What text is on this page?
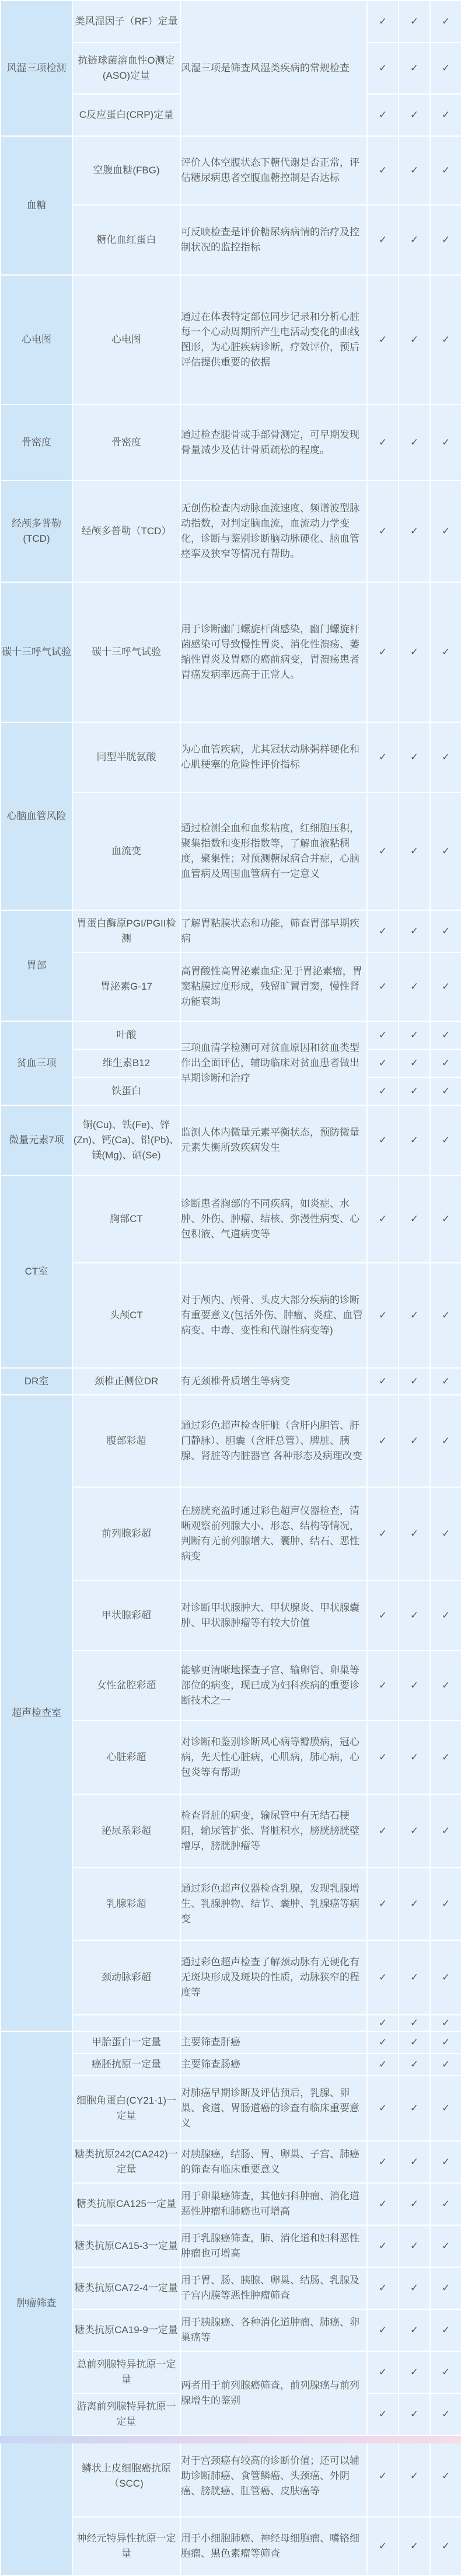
风湿三项检测	类风湿因子（RF）定量	风湿三项是筛查风湿类疾病的常规检查	✓	✓	✓
	抗链球菌溶血性O测定(ASO)定量		✓	✓	✓
	C反应蛋白(CRP)定量		✓	✓	✓
血糖	空腹血糖(FBG)	评价人体空腹状态下糖代谢是否正常，评估糖尿病患者空腹血糖控制是否达标	✓	✓	✓
	糖化血红蛋白	可反映检查是评价糖尿病病情的治疗及控制状况的监控指标	✓	✓	✓
心电图	心电图	通过在体表特定部位同步记录和分析心脏每一个心动周期所产生电活动变化的曲线图形，为心脏疾病诊断，疗效评价，预后评估提供重要的依据	✓	✓	✓
骨密度	骨密度	通过检查腿骨或手部骨测定，可早期发现骨量减少及估计骨质疏松的程度。	✓	✓	✓
经颅多普勒(TCD)	经颅多普勒（TCD）	无创伤检查内动脉血流速度、频谱波型脉动指数，对判定脑血流，血流动力学变化，诊断与鉴别诊断脑动脉硬化、脑血管痉挛及狭窄等情况有帮助。	✓	✓	✓
碳十三呼气试验	碳十三呼气试验	用于诊断幽门螺旋杆菌感染，幽门螺旋杆菌感染可导致慢性胃炎、消化性溃疡、萎缩性胃炎及胃癌的癌前病变，胃溃疡患者胃癌发病率远高于正常人。	✓	✓	✓
心脑血管风险	同型半胱氨酸	为心血管疾病，尤其冠状动脉粥样硬化和心肌梗塞的危险性评价指标	✓	✓	✓
	血流变	通过检测全血和血浆粘度，红细胞压积，聚集指数和变形指数等，了解血液粘稠度，聚集性；对预测糖尿病合并症，心脑血管病及周围血管病有一定意义	✓	✓	✓
胃部	胃蛋白酶原PGI/PGII检测	了解胃粘膜状态和功能，筛查胃部早期疾病	✓	✓	✓
	胃泌素G-17	高胃酸性高胃泌素血症:见于胃泌素瘤，胃窦粘膜过度形成，残留旷置胃窦，慢性肾功能衰竭	✓	✓	✓
贫血三项	叶酸	三项血清学检测可对贫血原因和贫血类型作出全面评估，辅助临床对贫血患者做出早期诊断和治疗	✓	✓	✓
	维生素B12		✓	✓	✓
	铁蛋白		✓	✓	✓
微量元素7项	铜(Cu)、铁(Fe)、锌(Zn)、钙(Ca)、铅(Pb)、镁(Mg)、硒(Se)	监测人体内微量元素平衡状态，预防微量元素失衡所致疾病发生	✓	✓	✓
CT室	胸部CT	诊断患者胸部的不同疾病，如炎症、水肿、外伤、肿瘤、结核、弥漫性病变、心包积液、气道病变等	✓	✓	✓
	头颅CT	对于颅内、颅骨、头皮大部分疾病的诊断有重要意义(包括外伤、肿瘤、炎症、血管病变、中毒、变性和代谢性病变等)	✓	✓	✓
DR室	颈椎正侧位DR	有无颈椎骨质增生等病变	✓	✓	✓
超声检查室	腹部彩超	通过彩色超声检查肝脏（含肝内胆管、肝门静脉）、胆囊（含肝总管）、脾脏、胰腺、肾脏等内脏器官 各种形态及病理改变	✓	✓	✓
	前列腺彩超	在膀胱充盈时通过彩色超声仪器检查，清晰观察前列腺大小、形态、结构等情况，判断有无前列腺增大、囊肿、结石、恶性病变	✓	✓	✓
	甲状腺彩超	对诊断甲状腺肿大、甲状腺炎、甲状腺囊肿、甲状腺肿瘤等有较大价值	✓	✓	✓
	女性盆腔彩超	能够更清晰地探查子宫、输卵管、卵巢等部位的病变，现已成为妇科疾病的重要诊断技术之一	✓	✓	✓
	心脏彩超	对诊断和鉴别诊断风心病等瓣膜病，冠心病，先天性心脏病，心肌病，肺心病，心包炎等有帮助	✓	✓	✓
	泌尿系彩超	检查肾脏的病变，输尿管中有无结石梗阻，输尿管扩张、肾脏积水，膀胱膀胱壁增厚，膀胱肿瘤等	✓	✓	✓
	乳腺彩超	通过彩色超声仪器检查乳腺，发现乳腺增生、乳腺肿物、结节、囊肿、乳腺癌等病变	✓	✓	✓
	颈动脉彩超	通过彩色超声检查了解颈动脉有无硬化有无斑块形成及斑块的性质，动脉狭窄的程度等	✓	✓	✓
			✓	✓	✓
肿瘤筛查	甲胎蛋白一定量	主要筛查肝癌	✓	✓	✓
	癌胚抗原一定量	主要筛查肠癌	✓	✓	✓
	细胞角蛋白(CY21-1)一定量	对肺癌早期诊断及评估预后，乳腺、卵巢、食道、胃肠道癌的诊查有临床重要意义	✓	✓	✓
	糖类抗原242(CA242)一定量	对胰腺癌，结肠、胃、卵巢、子宫、肺癌的筛查有临床重要意义	✓	✓	✓
	糖类抗原CA125一定量	用于卵巢癌筛查，其他妇科肿瘤、消化道恶性肿瘤和肺癌也可增高	✓	✓	✓
	糖类抗原CA15-3一定量	用于乳腺癌筛查，肺、消化道和妇科恶性肿瘤也可增高	✓	✓	✓
	糖类抗原CA72-4一定量	用于胃、肠、胰腺、卵巢、结肠、乳腺及子宫内膜等恶性肿瘤筛查	✓	✓	✓
	糖类抗原CA19-9一定量	用于胰腺癌、各种消化道肿瘤、肺癌、卵巢癌等	✓	✓	✓
	总前列腺特异抗原一定量	两者用于前列腺癌筛查，前列腺癌与前列腺增生的鉴别	✓	✓	✓
	游离前列腺特异抗原一定量		✓	✓	✓
	鳞状上皮细胞癌抗原（SCC)	对于宫颈癌有较高的诊断价值；还可以辅助诊断肺癌、食管鳞癌、头颈癌、外阴癌、膀胱癌、肛管癌、皮肤癌等	✓	✓	✓
	神经元特异性抗原一定量	用于小细胞肺癌、神经母细胞瘤、嗜铬细胞瘤、黑色素瘤等筛查	✓	✓	✓
